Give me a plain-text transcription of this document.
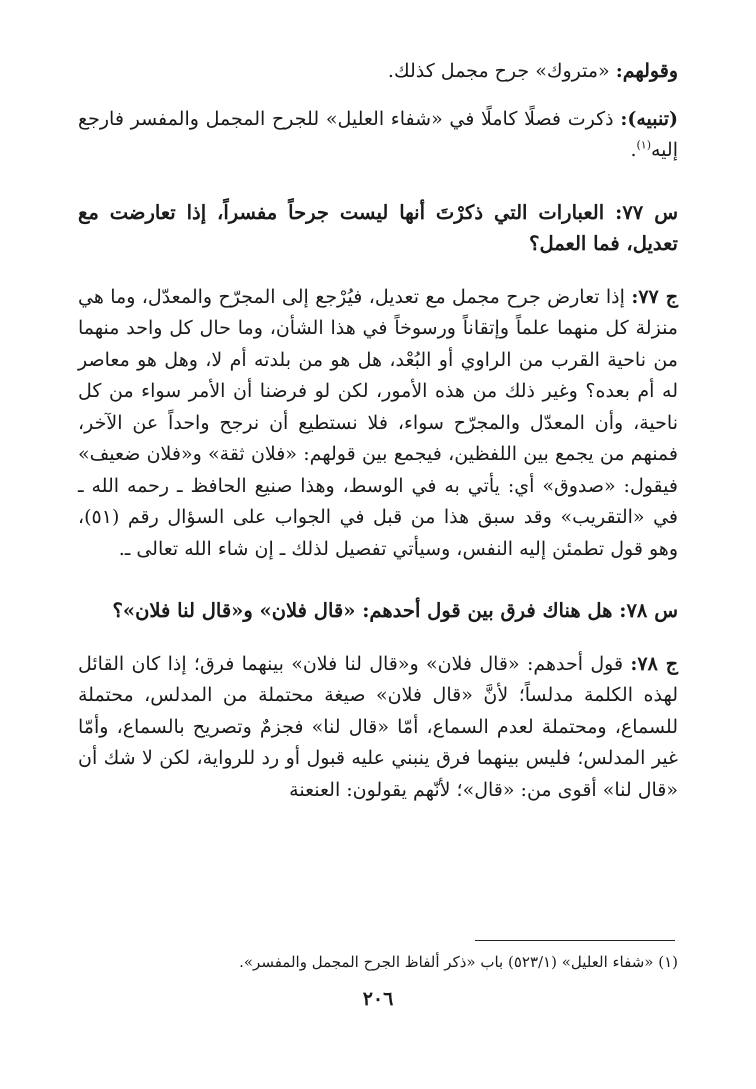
وقولهم: «متروك» جرح مجمل كذلك.

(تنبيه): ذكرت فصلًا كاملًا في «شفاء العليل» للجرح المجمل والمفسر فارجع إليه$^{(١)}$.

س ٧٧: العبارات التي ذكرْتَ أنها ليست جرحاً مفسراً، إذا تعارضت مع تعديل، فما العمل؟

ج ٧٧: إذا تعارض جرح مجمل مع تعديل، فيُرْجع إلى المجرّح والمعدّل، وما هي منزلة كل منهما علماً وإتقاناً ورسوخاً في هذا الشأن، وما حال كل واحد منهما من ناحية القرب من الراوي أو البُعْد، هل هو من بلدته أم لا، وهل هو معاصر له أم بعده؟ وغير ذلك من هذه الأمور، لكن لو فرضنا أن الأمر سواء من كل ناحية، وأن المعدّل والمجرّح سواء، فلا نستطيع أن نرجح واحداً عن الآخر، فمنهم من يجمع بين اللفظين، فيجمع بين قولهم: «فلان ثقة» و«فلان ضعيف» فيقول: «صدوق» أي: يأتي به في الوسط، وهذا صنيع الحافظ ـ رحمه الله ـ في «التقريب» وقد سبق هذا من قبل في الجواب على السؤال رقم (٥١)، وهو قول تطمئن إليه النفس، وسيأتي تفصيل لذلك ـ إن شاء الله تعالى ـ.

س ٧٨: هل هناك فرق بين قول أحدهم: «قال فلان» و«قال لنا فلان»؟

ج ٧٨: قول أحدهم: «قال فلان» و«قال لنا فلان» بينهما فرق؛ إذا كان القائل لهذه الكلمة مدلساً؛ لأنَّ «قال فلان» صيغة محتملة من المدلس، محتملة للسماع، ومحتملة لعدم السماع، أمّا «قال لنا» فجزمٌ وتصريح بالسماع، وأمّا غير المدلس؛ فليس بينهما فرق ينبني عليه قبول أو رد للرواية، لكن لا شك أن «قال لنا» أقوى من: «قال»؛ لأنّهم يقولون: العنعنة

(١) «شفاء العليل» (٥٢٣/١) باب «ذكر ألفاظ الجرح المجمل والمفسر».
٢٠٦
